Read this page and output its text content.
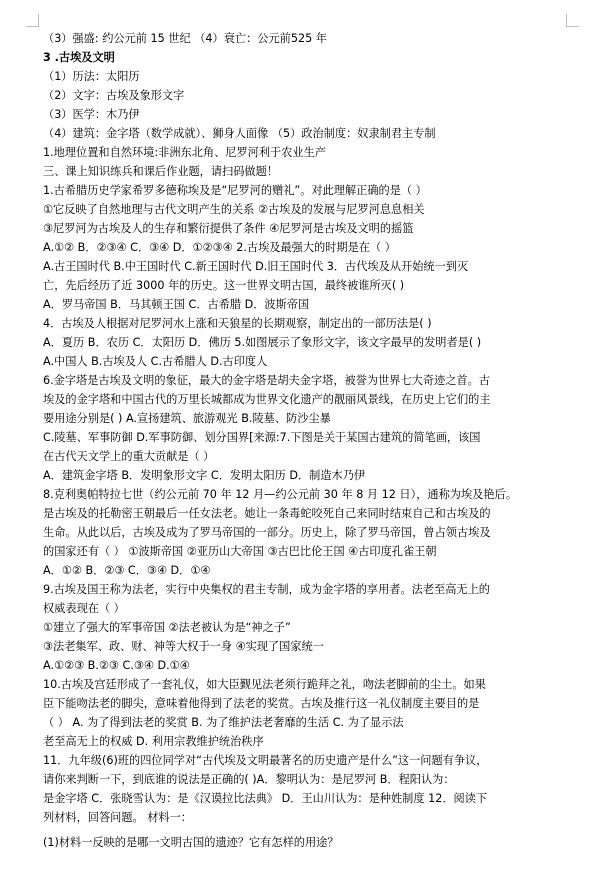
（3）强盛: 约公元前 15 世纪 （4）衰亡：公元前525 年
3 .古埃及文明
（1）历法：太阳历
（2）文字：古埃及象形文字
（3）医学：木乃伊
（4）建筑：金字塔（数学成就）、狮身人面像 （5）政治制度：奴隶制君主专制
1.地理位置和自然环境:非洲东北角、尼罗河利于农业生产
三、课上知识练兵和课后作业题，请扫码做题！
1.古希腊历史学家希罗多德称埃及是“尼罗河的赠礼”。对此理解正确的是（ ）
①它反映了自然地理与古代文明产生的关系 ②古埃及的发展与尼罗河息息相关
③尼罗河为古埃及人的生存和繁衍提供了条件 ④尼罗河是古埃及文明的摇篮
A.①② B．②③④ C．③④ D．①②③④ 2.古埃及最强大的时期是在（ ）
A.古王国时代 B.中王国时代 C.新王国时代 D.旧王国时代 3．古代埃及从开始统一到灭
亡，先后经历了近 3000 年的历史。这一世界文明古国，最终被谁所灭( )
A．罗马帝国 B．马其顿王国 C．古希腊 D．波斯帝国
4．古埃及人根据对尼罗河水上涨和天狼星的长期观察，制定出的一部历法是( )
A．夏历 B．农历 C．太阳历 D．佛历 5.如图展示了象形文字，该文字最早的发明者是( )
A.中国人 B.古埃及人 C.古希腊人 D.古印度人
6.金字塔是古埃及文明的象征，最大的金字塔是胡夫金字塔，被誉为世界七大奇迹之首。古
埃及的金字塔和中国古代的万里长城都成为世界文化遗产的靓丽风景线，在历史上它们的主
要用途分别是( ) A.宣扬建筑、旅游观光 B.陵墓、防沙尘暴
C.陵墓、军事防御 D.军事防御、划分国界[来源:7.下图是关于某国古建筑的简笔画，该国
在古代天文学上的重大贡献是（ ）
A．建筑金字塔 B．发明象形文字 C．发明太阳历 D．制造木乃伊
8.克利奥帕特拉七世（约公元前 70 年 12 月—约公元前 30 年 8 月 12 日），通称为埃及艳后。
是古埃及的托勒密王朝最后一任女法老。她让一条毒蛇咬死自己来同时结束自己和古埃及的
生命。从此以后，古埃及成为了罗马帝国的一部分。历史上，除了罗马帝国，曾占领古埃及
的国家还有（ ） ①波斯帝国 ②亚历山大帝国 ③古巴比伦王国 ④古印度孔雀王朝
A．①② B．②③ C．③④ D．①④
9.古埃及国王称为法老，实行中央集权的君主专制，成为金字塔的享用者。法老至高无上的
权威表现在（ ）
①建立了强大的军事帝国 ②法老被认为是“神之子”
③法老集军、政、财、神等大权于一身 ④实现了国家统一
A.①②③ B.②③ C.③④ D.①④
10.古埃及宫廷形成了一套礼仪，如大臣觐见法老须行跪拜之礼，吻法老脚前的尘土。如果
臣下能吻法老的脚尖，意味着他得到了法老的奖赏。古埃及推行这一礼仪制度主要目的是
（ ） A. 为了得到法老的奖赏 B. 为了维护法老奢靡的生活 C. 为了显示法
老至高无上的权威 D. 利用宗教维护统治秩序
11．九年级(6)班的四位同学对“古代埃及文明最著名的历史遗产是什么”这一问题有争议，
请你来判断一下，到底谁的说法是正确的( )A．黎明认为：是尼罗河 B．程阳认为：
是金字塔 C．张晓雪认为：是《汉谟拉比法典》 D．王山川认为：是种姓制度 12．阅读下
列材料，回答问题。 材料一：
(1)材料一反映的是哪一文明古国的遗迹？它有怎样的用途？
